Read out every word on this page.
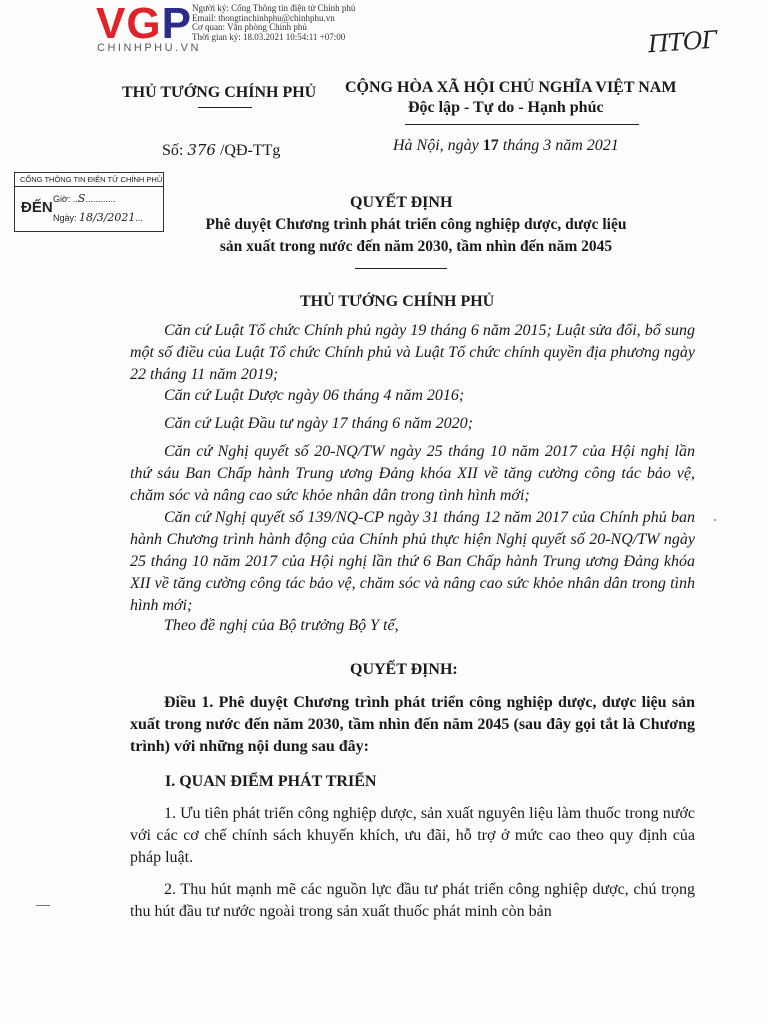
VGP
CHINHPHU.VN
Người ký: Cổng Thông tin điện tử Chính phủ
Email: thongtinchinhphu@chinhphu.vn
Cơ quan: Văn phòng Chính phủ
Thời gian ký: 18.03.2021 10:54:11 +07:00	ПТОГ
THỦ TƯỚNG CHÍNH PHỦ CỘNG HÒA XÃ HỘI CHỦ NGHĨA VIỆT NAM
Độc lập - Tự do - Hạnh phúc
Số: 376 /QĐ-TTg	Hà Nội, ngày 17 tháng 3 năm 2021
CỔNG THÔNG TIN ĐIỆN TỬ CHÍNH PHỦ
ĐẾN Giờ: ..S............
Ngày: 18/3/2021...
QUYẾT ĐỊNH
Phê duyệt Chương trình phát triển công nghiệp dược, dược liệu
sản xuất trong nước đến năm 2030, tầm nhìn đến năm 2045
THỦ TƯỚNG CHÍNH PHỦ
Căn cứ Luật Tổ chức Chính phủ ngày 19 tháng 6 năm 2015; Luật sửa đổi, bổ sung một số điều của Luật Tổ chức Chính phủ và Luật Tổ chức chính quyền địa phương ngày 22 tháng 11 năm 2019;
Căn cứ Luật Dược ngày 06 tháng 4 năm 2016;
Căn cứ Luật Đầu tư ngày 17 tháng 6 năm 2020;
Căn cứ Nghị quyết số 20-NQ/TW ngày 25 tháng 10 năm 2017 của Hội nghị lần thứ sáu Ban Chấp hành Trung ương Đảng khóa XII về tăng cường công tác bảo vệ, chăm sóc và nâng cao sức khỏe nhân dân trong tình hình mới;
Căn cứ Nghị quyết số 139/NQ-CP ngày 31 tháng 12 năm 2017 của Chính phủ ban hành Chương trình hành động của Chính phủ thực hiện Nghị quyết số 20-NQ/TW ngày 25 tháng 10 năm 2017 của Hội nghị lần thứ 6 Ban Chấp hành Trung ương Đảng khóa XII về tăng cường công tác bảo vệ, chăm sóc và nâng cao sức khỏe nhân dân trong tình hình mới;
Theo đề nghị của Bộ trưởng Bộ Y tế,
QUYẾT ĐỊNH:
Điều 1. Phê duyệt Chương trình phát triển công nghiệp dược, dược liệu sản xuất trong nước đến năm 2030, tầm nhìn đến năm 2045 (sau đây gọi tắt là Chương trình) với những nội dung sau đây:
I. QUAN ĐIỂM PHÁT TRIỂN
1. Ưu tiên phát triển công nghiệp dược, sản xuất nguyên liệu làm thuốc trong nước với các cơ chế chính sách khuyến khích, ưu đãi, hỗ trợ ở mức cao theo quy định của pháp luật.
2. Thu hút mạnh mẽ các nguồn lực đầu tư phát triển công nghiệp dược, chú trọng thu hút đầu tư nước ngoài trong sản xuất thuốc phát minh còn bản
